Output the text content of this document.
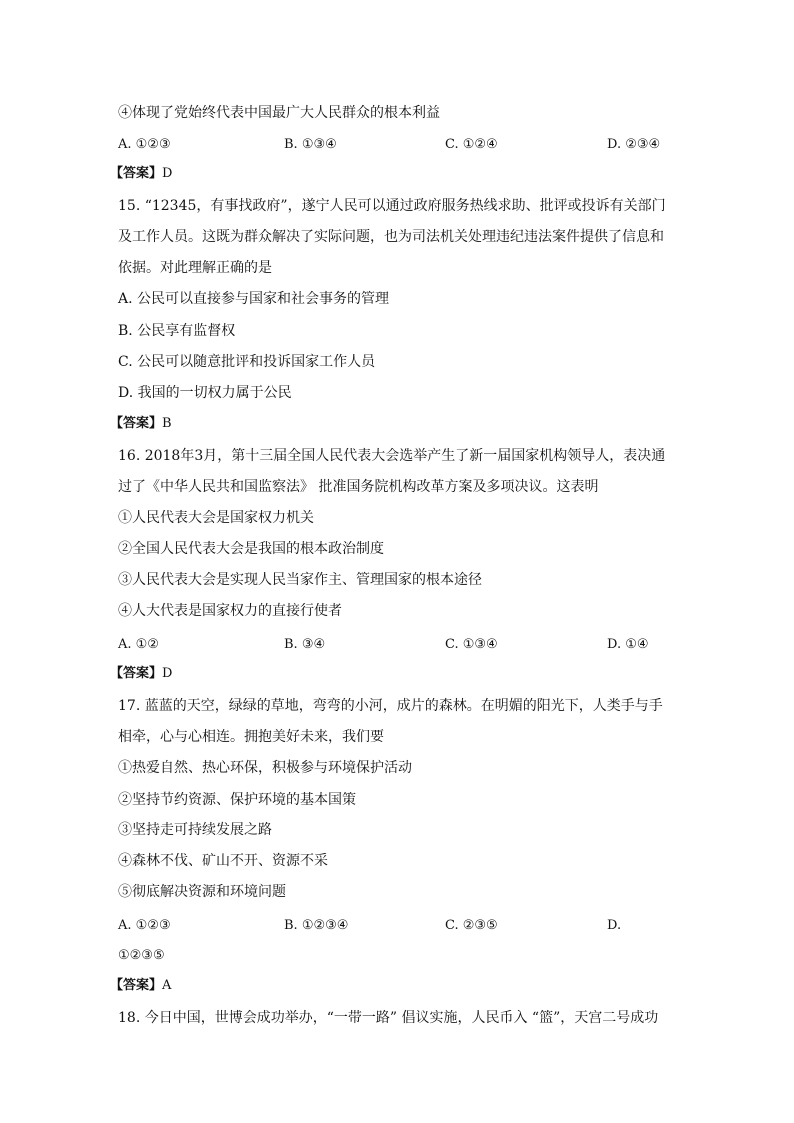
④体现了党始终代表中国最广大人民群众的根本利益
A. ①②③	B. ①③④	C. ①②④	D. ②③④
【答案】D
15. “12345，有事找政府”，遂宁人民可以通过政府服务热线求助、批评或投诉有关部门
及工作人员。这既为群众解决了实际问题，也为司法机关处理违纪违法案件提供了信息和
依据。对此理解正确的是
A. 公民可以直接参与国家和社会事务的管理
B. 公民享有监督权
C. 公民可以随意批评和投诉国家工作人员
D. 我国的一切权力属于公民
【答案】B
16. 2018年3月，第十三届全国人民代表大会选举产生了新一届国家机构领导人，表决通
过了《中华人民共和国监察法》 批准国务院机构改革方案及多项决议。这表明
①人民代表大会是国家权力机关
②全国人民代表大会是我国的根本政治制度
③人民代表大会是实现人民当家作主、管理国家的根本途径
④人大代表是国家权力的直接行使者
A. ①②	B. ③④	C. ①③④	D. ①④
【答案】D
17. 蓝蓝的天空，绿绿的草地，弯弯的小河，成片的森林。在明媚的阳光下，人类手与手
相牵，心与心相连。拥抱美好未来，我们要
①热爱自然、热心环保，积极参与环境保护活动
②坚持节约资源、保护环境的基本国策
③坚持走可持续发展之路
④森林不伐、矿山不开、资源不采
⑤彻底解决资源和环境问题
A. ①②③	B. ①②③④	C. ②③⑤	D.
①②③⑤
【答案】A
18. 今日中国，世博会成功举办，“一带一路” 倡议实施，人民币入 “篮”，天宫二号成功
